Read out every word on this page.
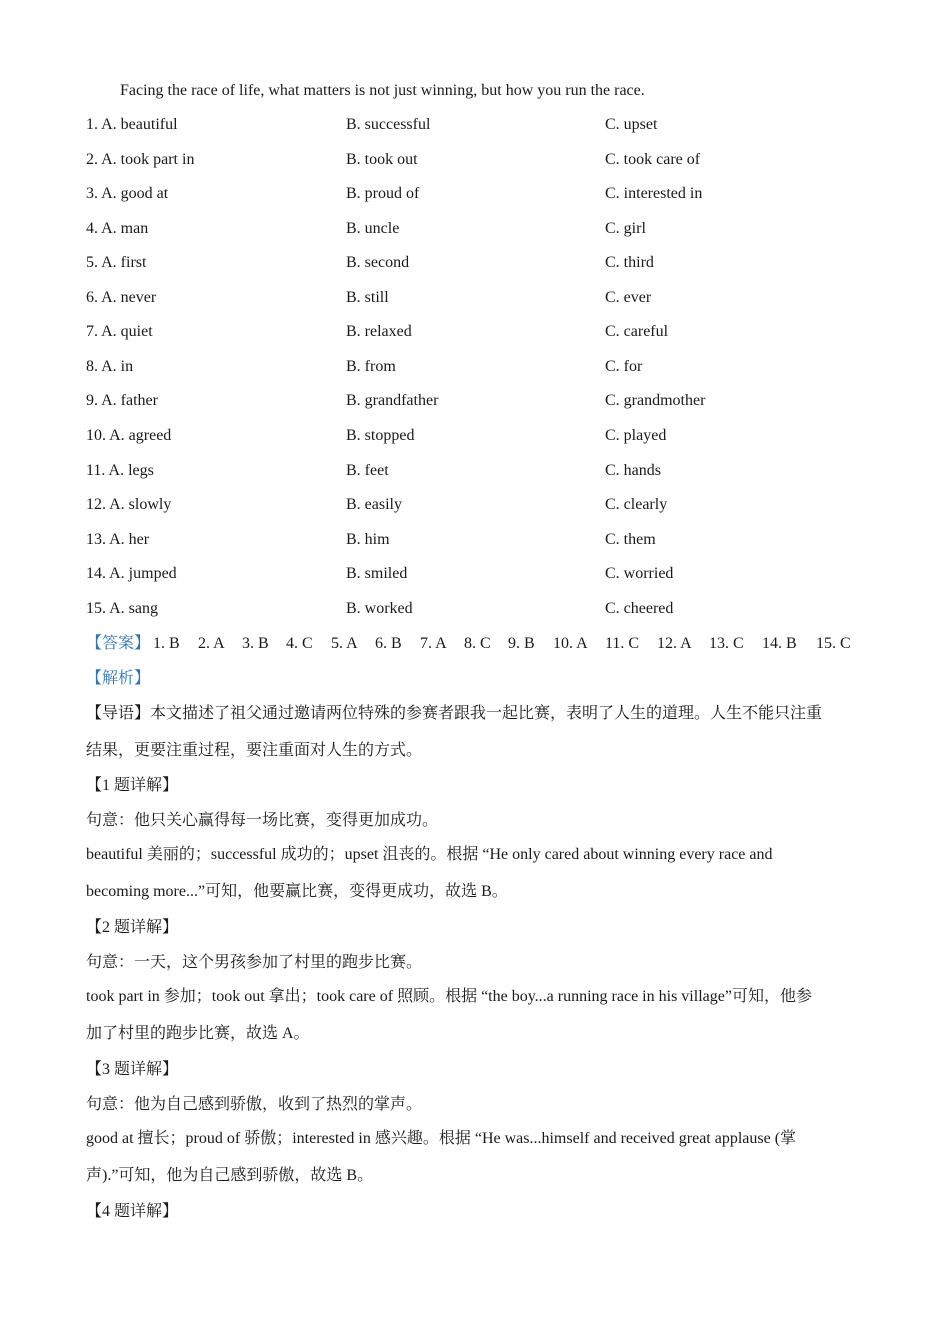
Facing the race of life, what matters is not just winning, but how you run the race.
1. A. beautiful	B. successful	C. upset
2. A. took part in	B. took out	C. took care of
3. A. good at	B. proud of	C. interested in
4. A. man	B. uncle	C. girl
5. A. first	B. second	C. third
6. A. never	B. still	C. ever
7. A. quiet	B. relaxed	C. careful
8. A. in	B. from	C. for
9. A. father	B. grandfather	C. grandmother
10. A. agreed	B. stopped	C. played
11. A. legs	B. feet	C. hands
12. A. slowly	B. easily	C. clearly
13. A. her	B. him	C. them
14. A. jumped	B. smiled	C. worried
15. A. sang	B. worked	C. cheered
【答案】 1. B 2. A 3. B 4. C 5. A 6. B 7. A 8. C 9. B 10. A 11. C 12. A 13. C 14. B 15. C
【解析】
【导语】本文描述了祖父通过邀请两位特殊的参赛者跟我一起比赛，表明了人生的道理。人生不能只注重
结果，更要注重过程，要注重面对人生的方式。
【1 题详解】
句意：他只关心赢得每一场比赛，变得更加成功。
beautiful 美丽的；successful 成功的；upset 沮丧的。根据 “He only cared about winning every race and
becoming more...”可知，他要赢比赛，变得更成功，故选 B。
【2 题详解】
句意：一天，这个男孩参加了村里的跑步比赛。
took part in 参加；took out 拿出；took care of 照顾。根据 “the boy...a running race in his village”可知，他参
加了村里的跑步比赛，故选 A。
【3 题详解】
句意：他为自己感到骄傲，收到了热烈的掌声。
good at 擅长；proud of 骄傲；interested in 感兴趣。根据 “He was...himself and received great applause (掌
声).”可知，他为自己感到骄傲，故选 B。
【4 题详解】
